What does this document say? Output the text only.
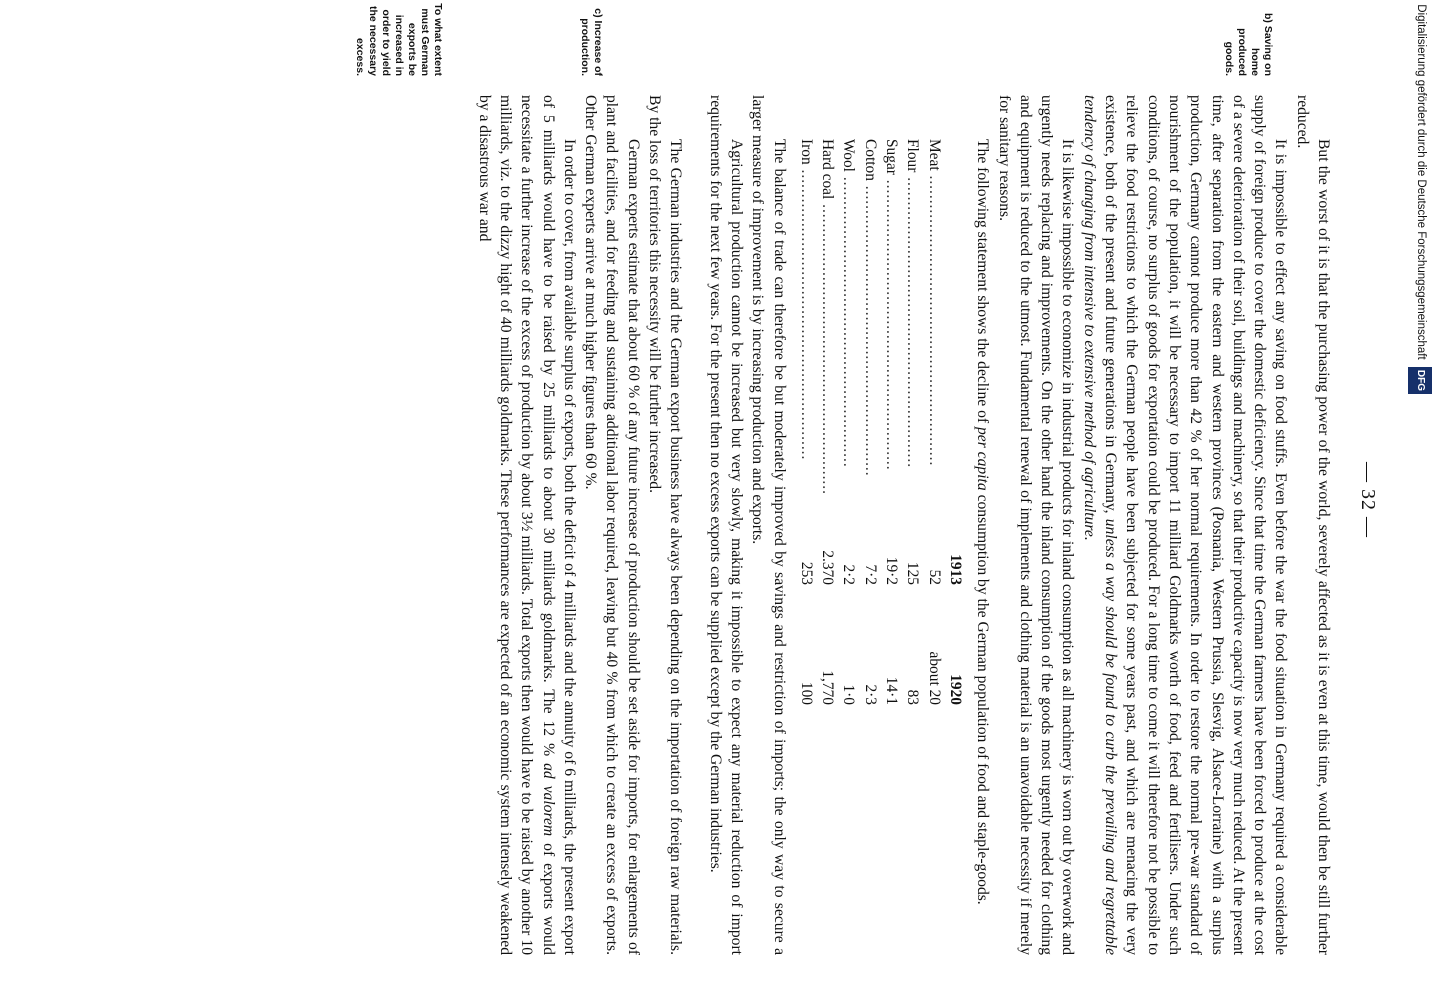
— 32 —
b) Saving on home produced goods.
c) Increase of production.
To what extent must German exports be increased in order to yield the necessary excess.

But the worst of it is that the purchasing power of the world, severely affected as it is even at this time, would then be still further reduced.

It is impossible to effect any saving on food stuffs. Even before the war the food situation in Germany required a considerable supply of foreign produce to cover the domestic deficiency. Since that time the German farmers have been forced to produce at the cost of a severe deterioration of their soil, buildings and machinery, so that their productive capacity is now very much reduced. At the present time, after separation from the eastern and western provinces (Posnania, Western Prussia, Slesvig, Alsace-Lorraine) with a surplus production, Germany cannot produce more than 42 % of her normal requirements. In order to restore the normal pre-war standard of nourishment of the population, it will be necessary to import 11 milliard Goldmarks worth of food, feed and fertilisers. Under such conditions, of course, no surplus of goods for exportation could be produced. For a long time to come it will therefore not be possible to relieve the food restrictions to which the German people have been subjected for some years past, and which are menacing the very existence, both of the present and future generations in Germany, unless a way should be found to curb the prevailing and regrettable tendency of changing from intensive to extensive method of agriculture.

It is likewise impossible to economize in industrial products for inland consumption as all machinery is worn out by overwork and urgently needs replacing and improvements. On the other hand the inland consumption of the goods most urgently needed for clothing and equipment is reduced to the utmost. Fundamental renewal of implements and clothing material is an unavoidable necessity if merely for sanitary reasons.

The following statement shows the decline of per capita consumption by the German population of food and staple-goods.

	1913	1920
Meat ............................................................	52	about 20
Flour ............................................................	125	83
Sugar ............................................................	19·2	14·1
Cotton ............................................................	7·2	2·3
Wool ............................................................	2·2	1·0
Hard coal ............................................................	2.370	1,770
Iron ............................................................	253	100

The balance of trade can therefore be but moderately improved by savings and restriction of imports; the only way to secure a larger measure of improvement is by increasing production and exports.

Agricultural production cannot be increased but very slowly, making it impossible to expect any material reduction of import requirements for the next few years. For the present then no excess exports can be supplied except by the German industries.

The German industries and the German export business have always been depending on the importation of foreign raw materials. By the loss of territories this necessity will be further increased.

German experts estimate that about 60 % of any future increase of production should be set aside for imports, for enlargements of plant and facilities, and for feeding and sustaining additional labor required, leaving but 40 % from which to create an excess of exports. Other German experts arrive at much higher figures than 60 %.

In order to cover, from available surplus of exports, both the deficit of 4 milliards and the annuity of 6 milliards, the present export of 5 milliards would have to be raised by 25 milliards to about 30 milliards goldmarks. The 12 % ad valorem of exports would necessitate a further increase of the excess of production by about 3½ milliards. Total exports then would have to be raised by another 10 milliards, viz. to the dizzy hight of 40 milliards goldmarks. These performances are expected of an economic system intensely weakened by a disastrous war and	Digitalisierung gefördert durch die Deutsche Forschungsgemeinschaft DFG
